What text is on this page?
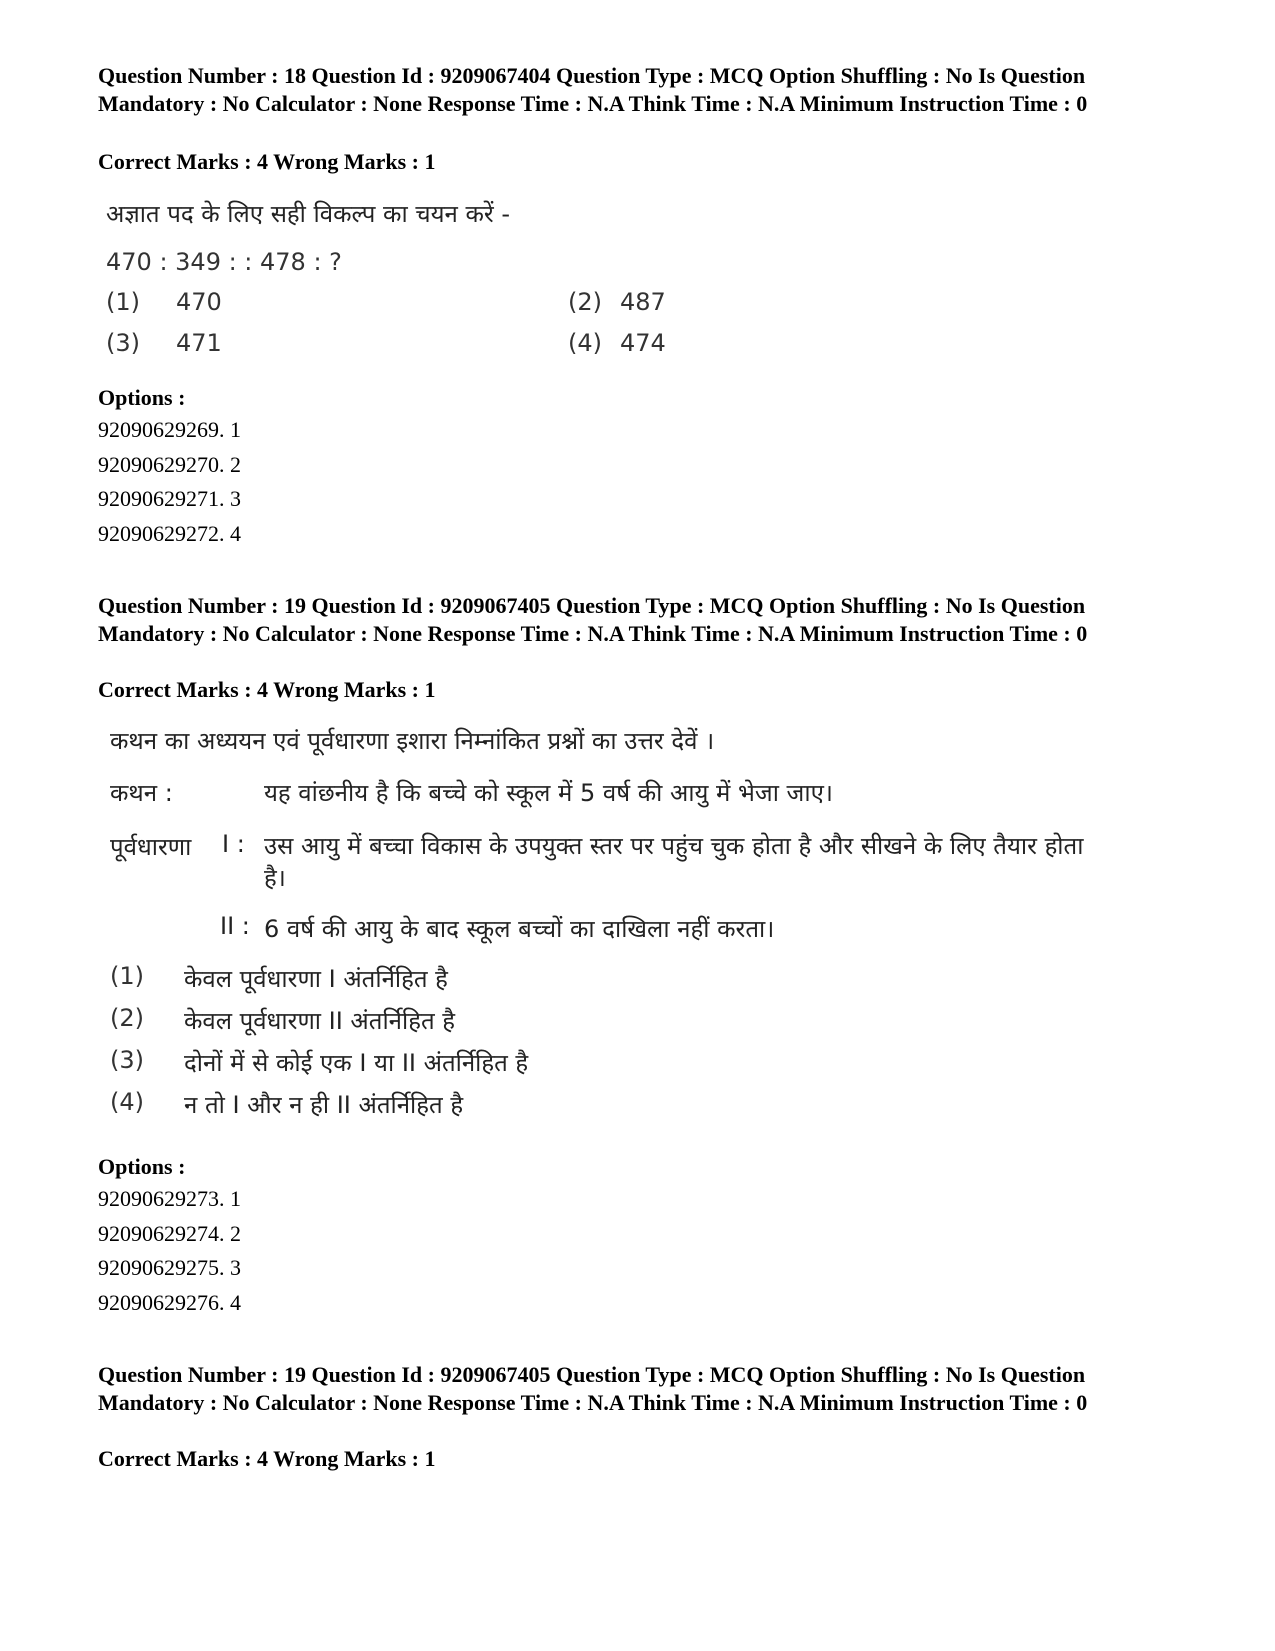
Question Number : 18 Question Id : 9209067404 Question Type : MCQ Option Shuffling : No Is Question Mandatory : No Calculator : None Response Time : N.A Think Time : N.A Minimum Instruction Time : 0

Correct Marks : 4 Wrong Marks : 1
अज्ञात पद के लिए सही विकल्प का चयन करें -
470 : 349 : : 478 : ?
(1) 470	(2) 487
(3) 471	(4) 474
Options :
92090629269. 1
92090629270. 2
92090629271. 3
92090629272. 4

Question Number : 19 Question Id : 9209067405 Question Type : MCQ Option Shuffling : No Is Question Mandatory : No Calculator : None Response Time : N.A Think Time : N.A Minimum Instruction Time : 0

Correct Marks : 4 Wrong Marks : 1
कथन का अध्ययन एवं पूर्वधारणा इशारा निम्नांकित प्रश्नों का उत्तर देवें ।
कथन :	यह वांछनीय है कि बच्चे को स्कूल में 5 वर्ष की आयु में भेजा जाए।
पूर्वधारणा I : उस आयु में बच्चा विकास के उपयुक्त स्तर पर पहुंच चुक होता है और सीखने के लिए तैयार होता है।
II : 6 वर्ष की आयु के बाद स्कूल बच्चों का दाखिला नहीं करता।
(1) केवल पूर्वधारणा I अंतर्निहित है
(2) केवल पूर्वधारणा II अंतर्निहित है
(3) दोनों में से कोई एक I या II अंतर्निहित है
(4) न तो I और न ही II अंतर्निहित है
Options :
92090629273. 1
92090629274. 2
92090629275. 3
92090629276. 4

Question Number : 19 Question Id : 9209067405 Question Type : MCQ Option Shuffling : No Is Question Mandatory : No Calculator : None Response Time : N.A Think Time : N.A Minimum Instruction Time : 0

Correct Marks : 4 Wrong Marks : 1
